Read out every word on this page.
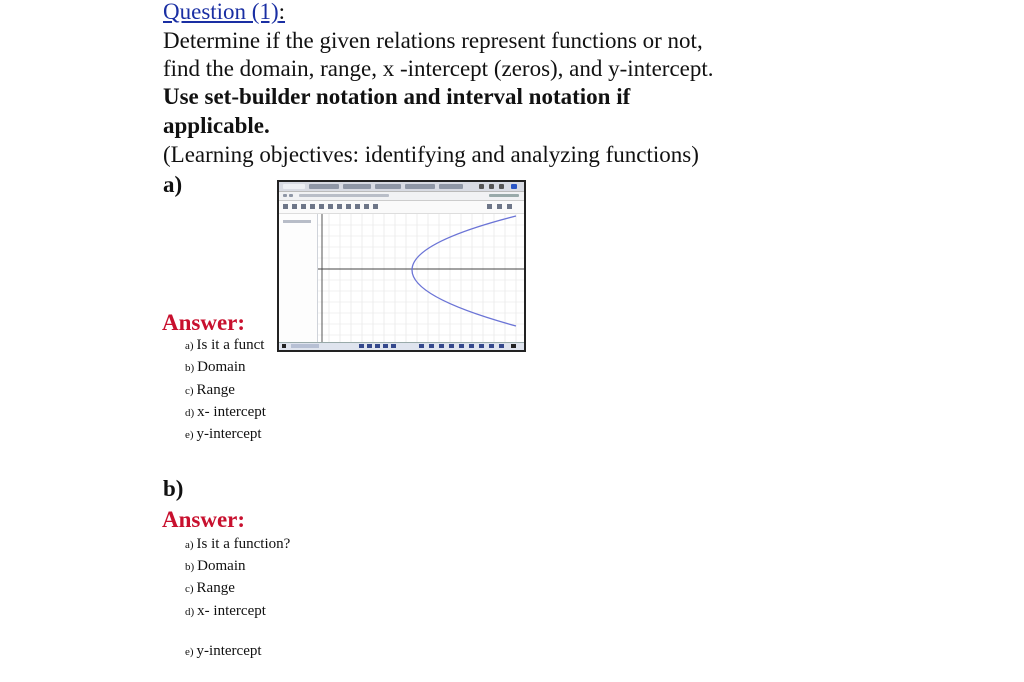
Question (1):
Determine if the given relations represent functions or not,
find the domain, range, x -intercept (zeros), and y-intercept.
Use set-builder notation and interval notation if
applicable.
(Learning objectives: identifying and analyzing functions)
a)
Answer:
a) Is it a funct
b) Domain
c) Range
d) x- intercept
e) y-intercept
b)
Answer:
a) Is it a function?
b) Domain
c) Range
d) x- intercept
e) y-intercept
